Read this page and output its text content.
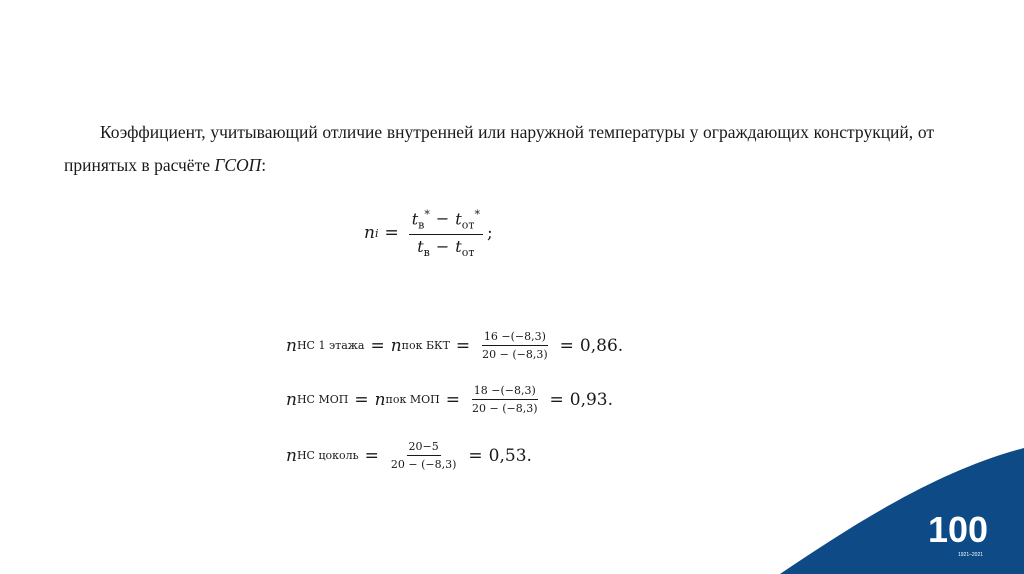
Коэффициент, учитывающий отличие внутренней или наружной температуры у ограждающих конструкций, от принятых в расчёте ГСОП:
n $i = \frac{t_в^* - t_{от}^*}{t_в - t_{от}}$ ;
n НС 1 этажа = n пок БКТ = $\frac{16 -(-8,3)}{20 - (-8,3)} = 0,86$.
n НС МОП = n пок МОП = $\frac{18 -(-8,3)}{20 - (-8,3)} = 0,93$.
n НС цоколь = $\frac{20-5}{20 - (-8,3)} = 0,53$.
100
1921–2021
